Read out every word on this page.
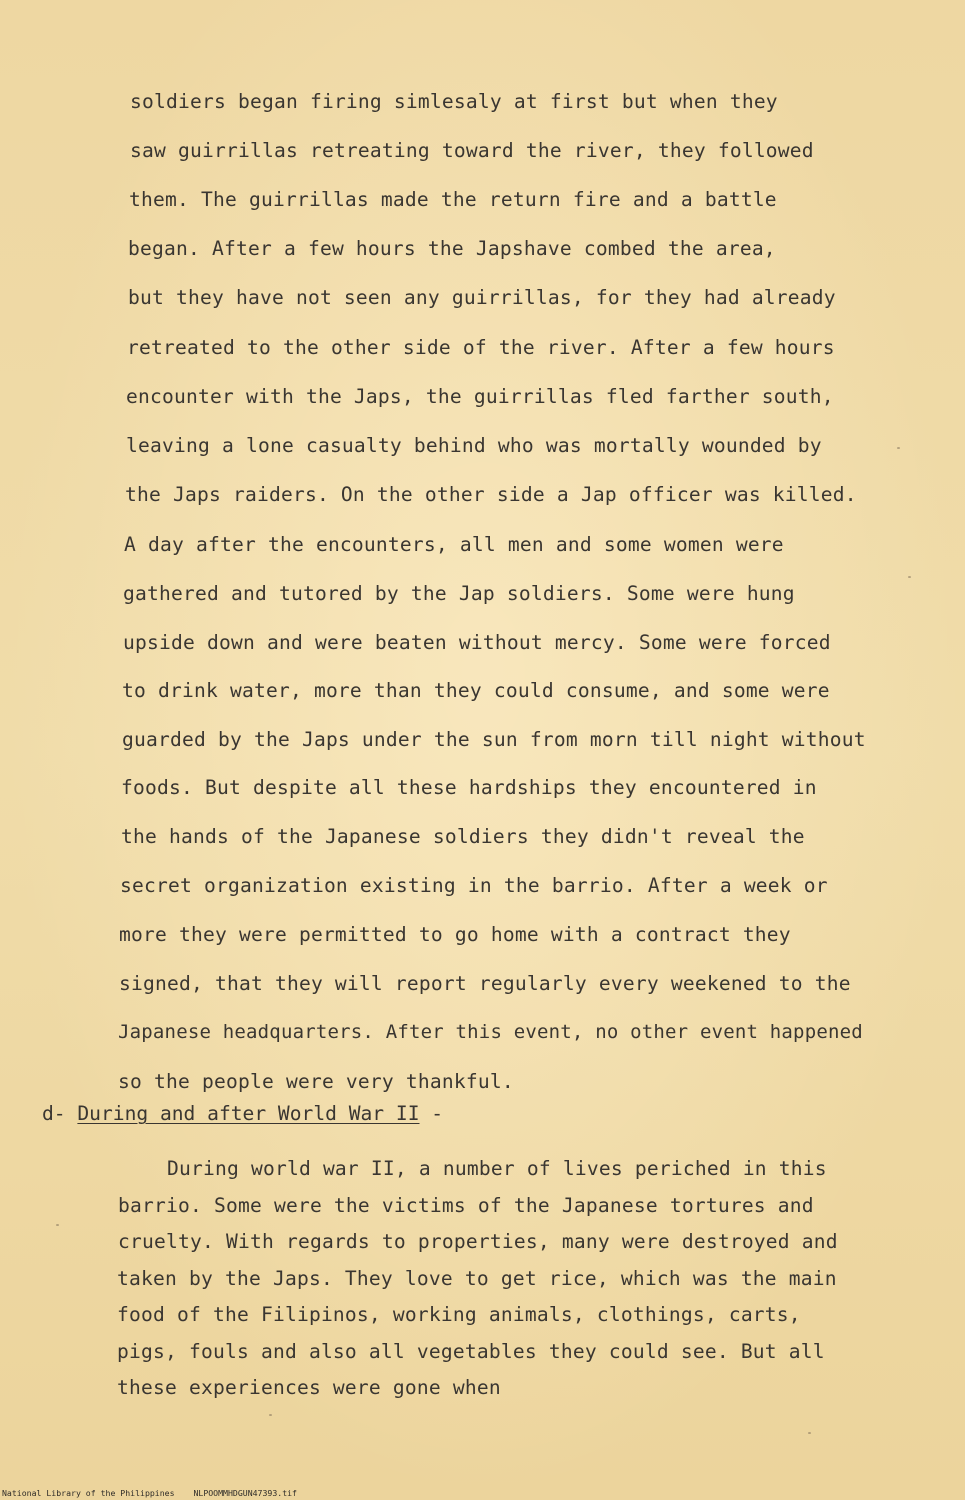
soldiers began firing simlesaly at first but when they
saw guirrillas retreating toward the river, they followed
them. The guirrillas made the return fire and a battle
began. After a few hours the Japshave combed the area,
but they have not seen any guirrillas, for they had already
retreated to the other side of the river. After a few hours
encounter with the Japs, the guirrillas fled farther south,
leaving a lone casualty behind who was mortally wounded by
the Japs raiders. On the other side a Jap officer was killed.
A day after the encounters, all men and some women were
gathered and tutored by the Jap soldiers. Some were hung
upside down and were beaten without mercy. Some were forced
to drink water, more than they could consume, and some were
guarded by the Japs under the sun from morn till night without
foods. But despite all these hardships they encountered in
the hands of the Japanese soldiers they didn't reveal the
secret organization existing in the barrio. After a week or
more they were permitted to go home with a contract they
signed, that they will report regularly every weekened to the
Japanese headquarters. After this event, no other event happened
so the people were very thankful.
d- During and after World War II -
During world war II, a number of lives periched in this
barrio. Some were the victims of the Japanese tortures and
cruelty. With regards to properties, many were destroyed and
taken by the Japs. They love to get rice, which was the main
food of the Filipinos, working animals, clothings, carts,
pigs, fouls and also all vegetables they could see. But all
these experiences were gone when
National Library of the Philippines NLPOOMMHDGUN47393.tif
